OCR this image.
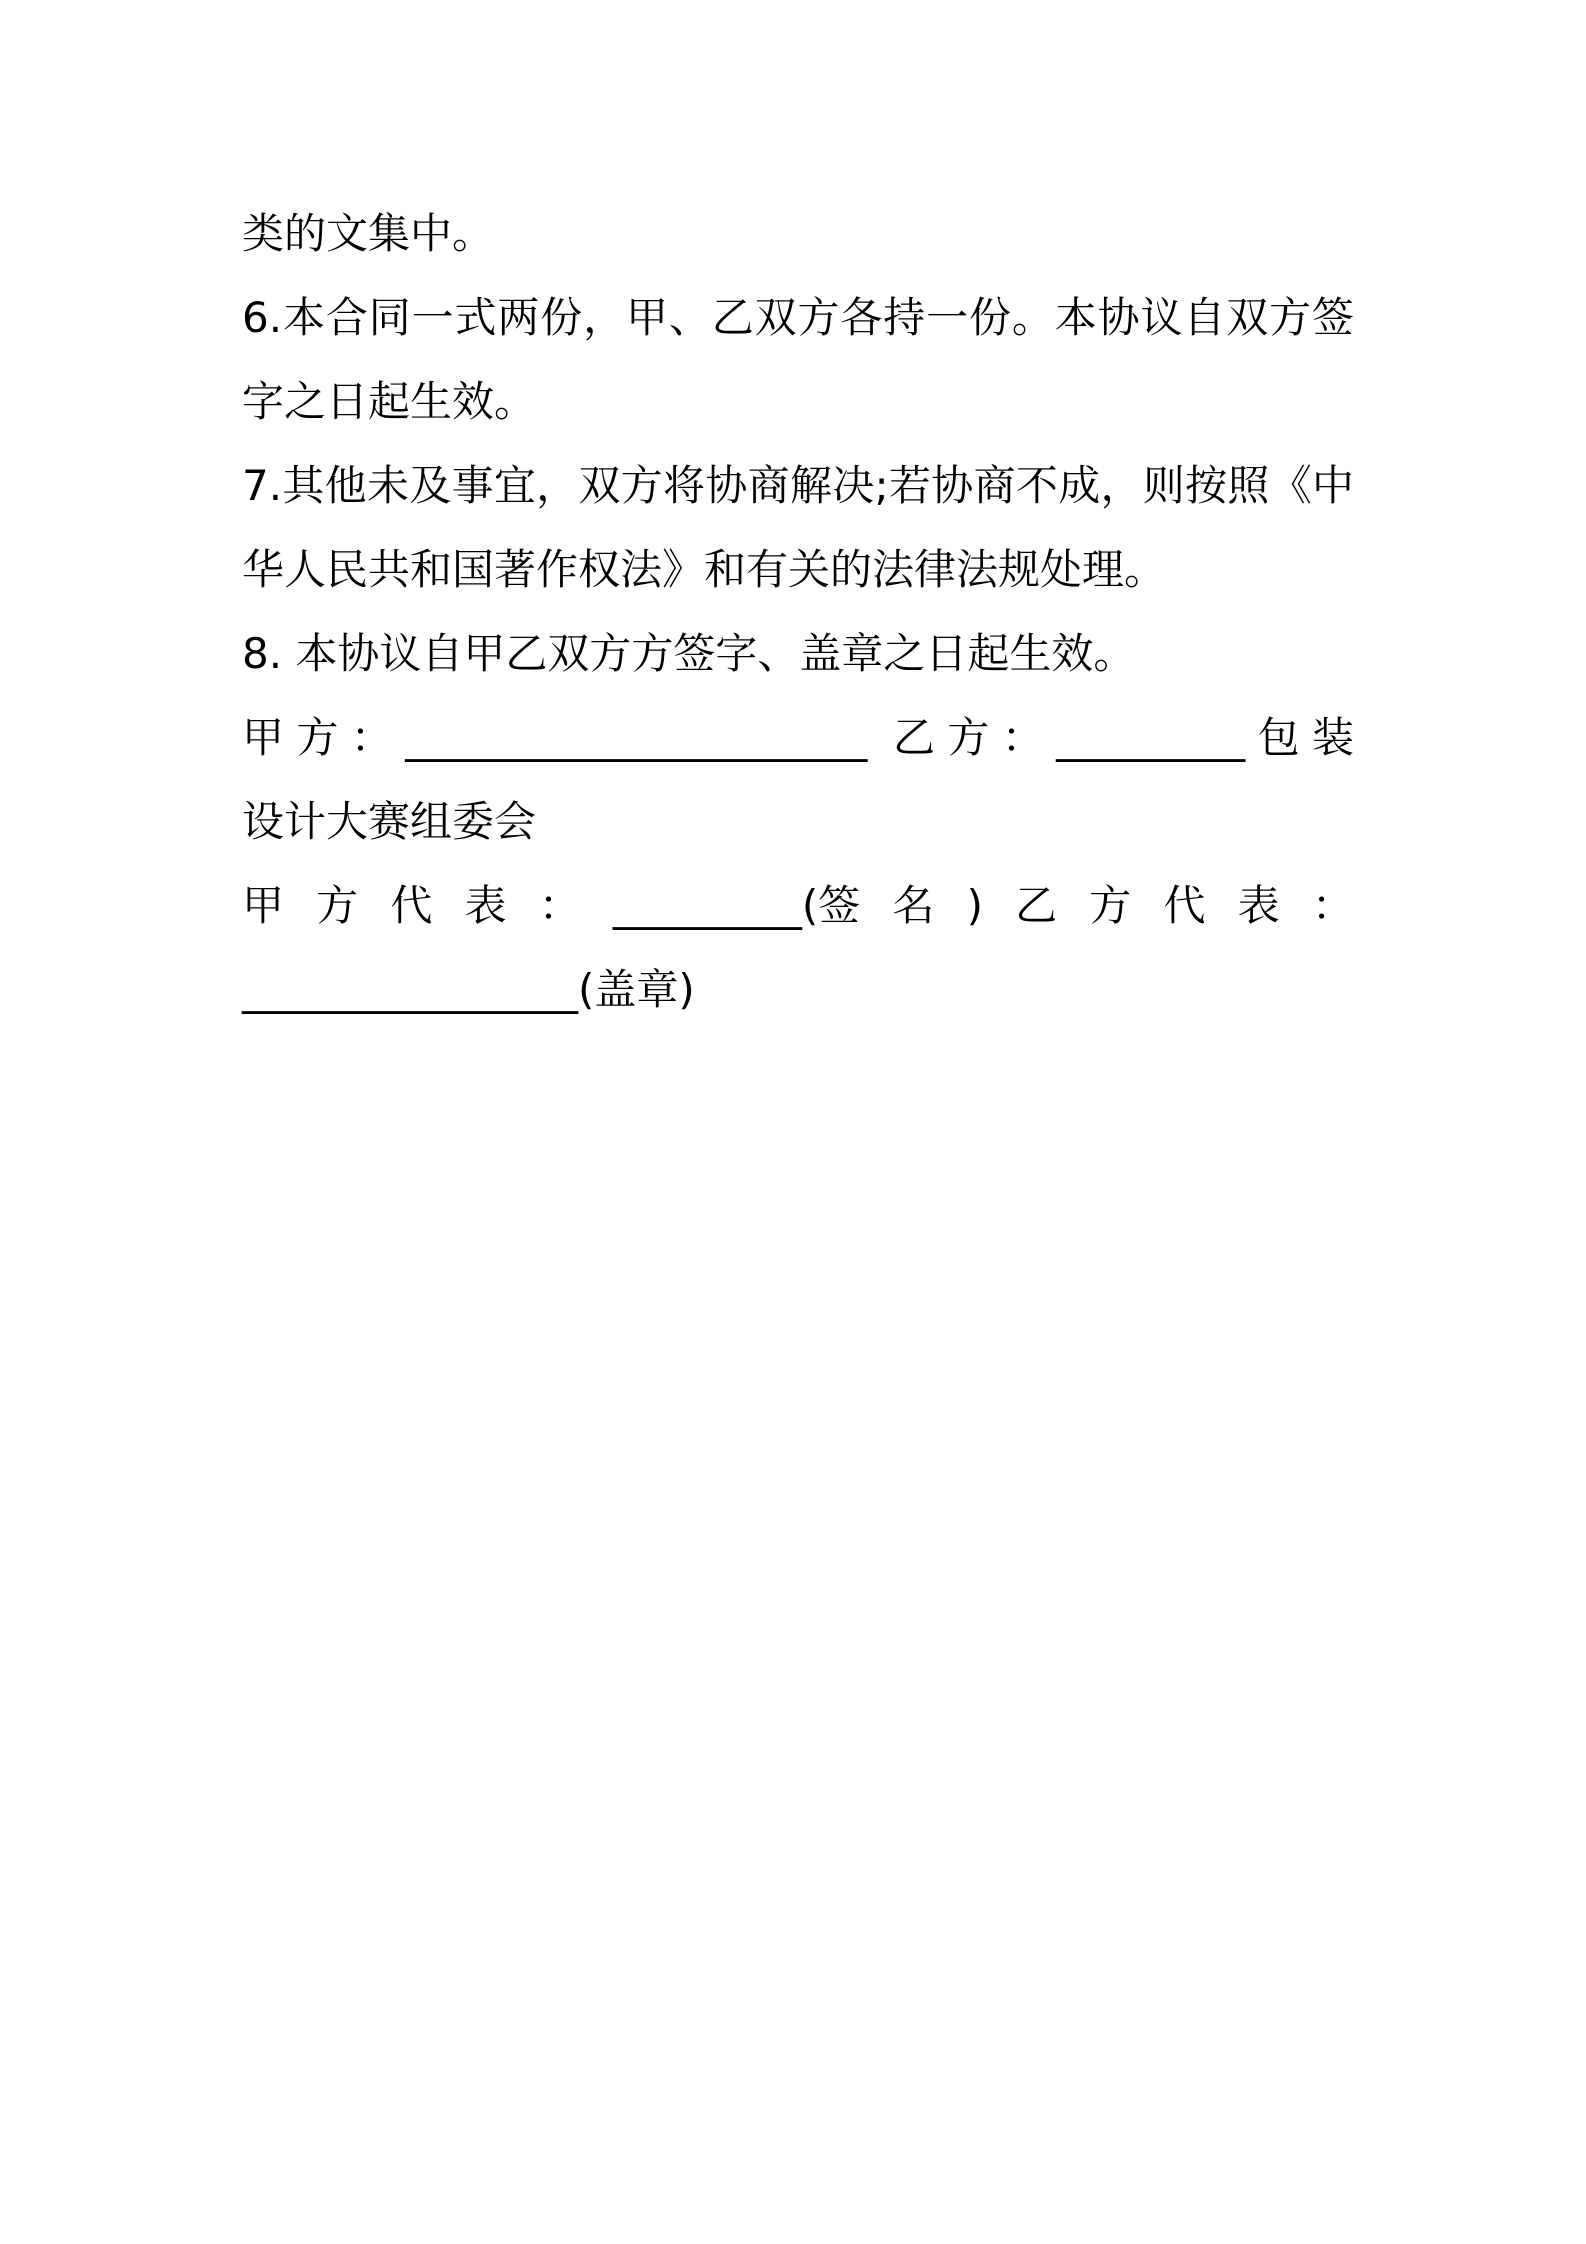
类的文集中。
6.本合同一式两份，甲、乙双方各持一份。本协议自双方签
字之日起生效。
7.其他未及事宜，双方将协商解决;若协商不成，则按照《中
华人民共和国著作权法》和有关的法律法规处理。
8. 本协议自甲乙双方方签字、盖章之日起生效。
甲方：______________________ 乙方：_________包装
设计大赛组委会
甲 方 代 表 ： _________(签 名 ) 乙 方 代 表 ：
________________(盖章)
